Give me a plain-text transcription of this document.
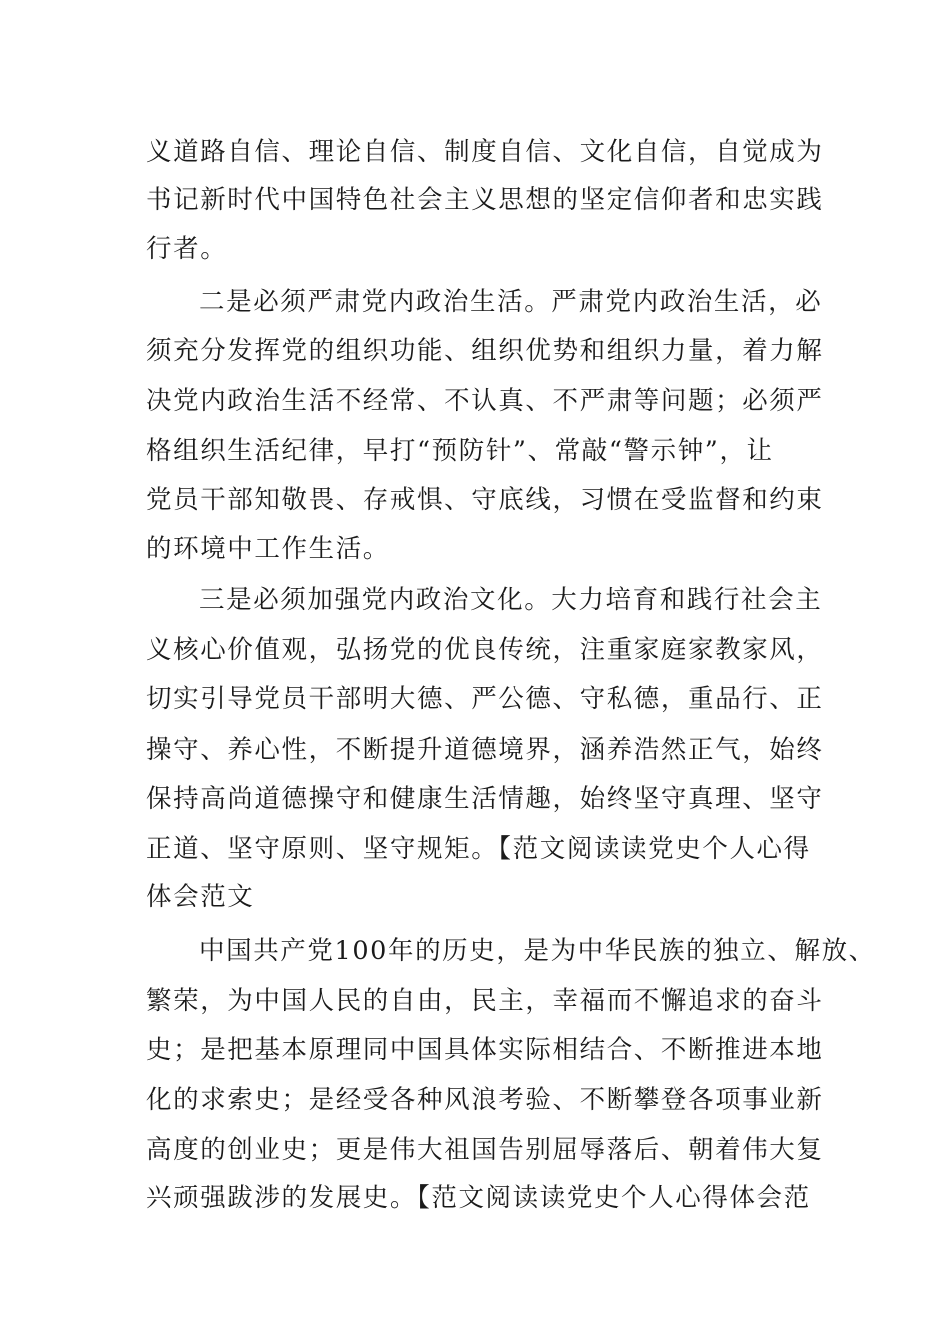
义道路自信、理论自信、制度自信、文化自信，自觉成为
书记新时代中国特色社会主义思想的坚定信仰者和忠实践
行者。
二是必须严肃党内政治生活。严肃党内政治生活，必
须充分发挥党的组织功能、组织优势和组织力量，着力解
决党内政治生活不经常、不认真、不严肃等问题；必须严
格组织生活纪律，早打“预防针”、常敲“警示钟”，让
党员干部知敬畏、存戒惧、守底线，习惯在受监督和约束
的环境中工作生活。
三是必须加强党内政治文化。大力培育和践行社会主
义核心价值观，弘扬党的优良传统，注重家庭家教家风，
切实引导党员干部明大德、严公德、守私德，重品行、正
操守、养心性，不断提升道德境界，涵养浩然正气，始终
保持高尚道德操守和健康生活情趣，始终坚守真理、坚守
正道、坚守原则、坚守规矩。【范文阅读读党史个人心得
体会范文
中国共产党100年的历史，是为中华民族的独立、解放、
繁荣，为中国人民的自由，民主，幸福而不懈追求的奋斗
史；是把基本原理同中国具体实际相结合、不断推进本地
化的求索史；是经受各种风浪考验、不断攀登各项事业新
高度的创业史；更是伟大祖国告别屈辱落后、朝着伟大复
兴顽强跋涉的发展史。【范文阅读读党史个人心得体会范
